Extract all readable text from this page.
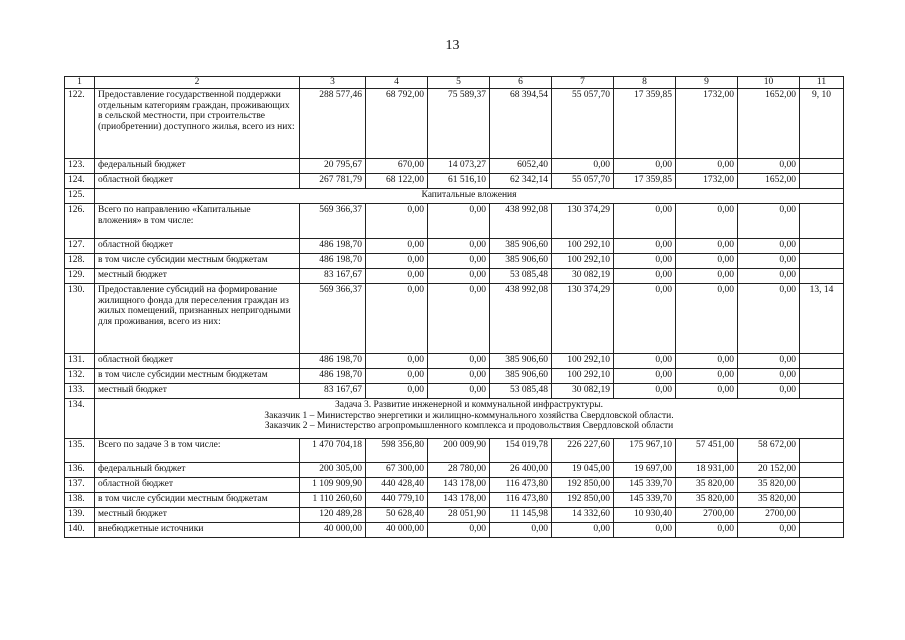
13
1	2	3	4	5	6	7	8	9	10	11
122.	Предоставление государственной поддержки отдельным категориям граждан, проживающих в сельской местности, при строительстве (приобретении) доступного жилья, всего из них:	288 577,46	68 792,00	75 589,37	68 394,54	55 057,70	17 359,85	1732,00	1652,00	9, 10
123.	федеральный бюджет	20 795,67	670,00	14 073,27	6052,40	0,00	0,00	0,00	0,00	
124.	областной бюджет	267 781,79	68 122,00	61 516,10	62 342,14	55 057,70	17 359,85	1732,00	1652,00	
125.	Капитальные вложения									

126.	Всего по направлению «Капитальные вложения» в том числе:	569 366,37	0,00	0,00	438 992,08	130 374,29	0,00	0,00	0,00	
127.	областной бюджет	486 198,70	0,00	0,00	385 906,60	100 292,10	0,00	0,00	0,00	
128.	в том числе субсидии местным бюджетам	486 198,70	0,00	0,00	385 906,60	100 292,10	0,00	0,00	0,00	
129.	местный бюджет	83 167,67	0,00	0,00	53 085,48	30 082,19	0,00	0,00	0,00	
130.	Предоставление субсидий на формирование жилищного фонда для переселения граждан из жилых помещений, признанных непригодными для проживания, всего из них:	569 366,37	0,00	0,00	438 992,08	130 374,29	0,00	0,00	0,00	13, 14
131.	областной бюджет	486 198,70	0,00	0,00	385 906,60	100 292,10	0,00	0,00	0,00	
132.	в том числе субсидии местным бюджетам	486 198,70	0,00	0,00	385 906,60	100 292,10	0,00	0,00	0,00	
133.	местный бюджет	83 167,67	0,00	0,00	53 085,48	30 082,19	0,00	0,00	0,00	
134.	Задача 3. Развитие инженерной и коммунальной инфраструктуры.
Заказчик 1 – Министерство энергетики и жилищно-коммунального хозяйства Свердловской области.
Заказчик 2 – Министерство агропромышленного комплекса и продовольствия Свердловской области									

135.	Всего по задаче 3 в том числе:	1 470 704,18	598 356,80	200 009,90	154 019,78	226 227,60	175 967,10	57 451,00	58 672,00	
136.	федеральный бюджет	200 305,00	67 300,00	28 780,00	26 400,00	19 045,00	19 697,00	18 931,00	20 152,00	
137.	областной бюджет	1 109 909,90	440 428,40	143 178,00	116 473,80	192 850,00	145 339,70	35 820,00	35 820,00	
138.	в том числе субсидии местным бюджетам	1 110 260,60	440 779,10	143 178,00	116 473,80	192 850,00	145 339,70	35 820,00	35 820,00	
139.	местный бюджет	120 489,28	50 628,40	28 051,90	11 145,98	14 332,60	10 930,40	2700,00	2700,00	
140.	внебюджетные источники	40 000,00	40 000,00	0,00	0,00	0,00	0,00	0,00	0,00	
